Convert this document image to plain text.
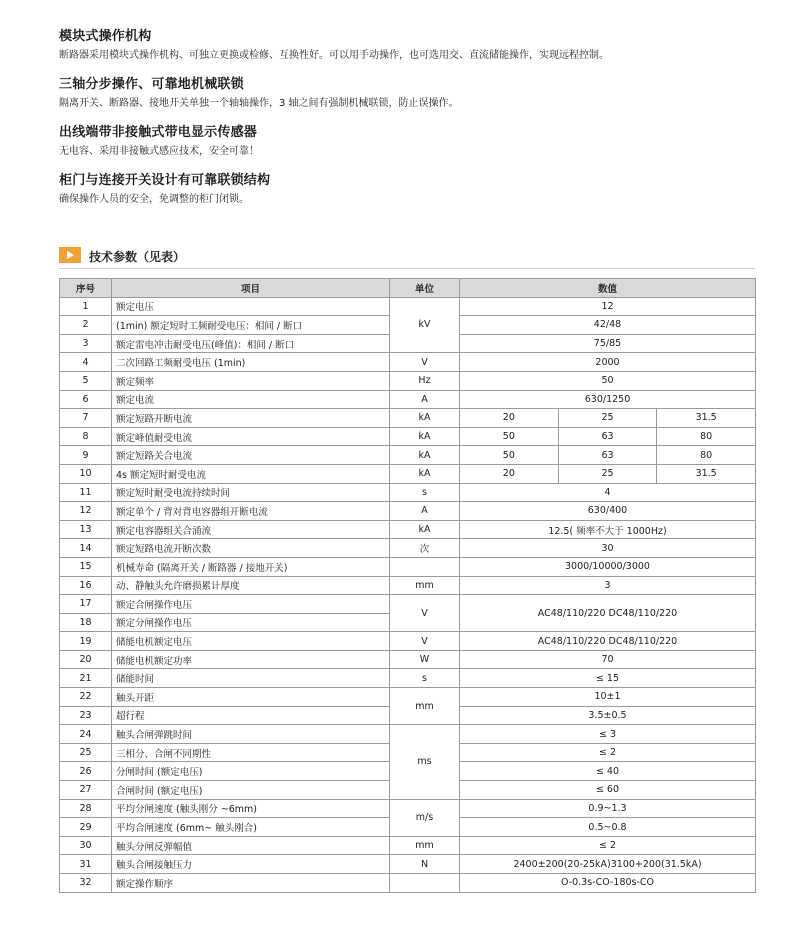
模块式操作机构
断路器采用模块式操作机构、可独立更换或检修、互换性好。可以用手动操作，也可选用交、直流储能操作，实现远程控制。
三轴分步操作、可靠地机械联锁
隔离开关、断路器、接地开关单独一个轴轴操作，3 轴之间有强制机械联锁，防止误操作。
出线端带非接触式带电显示传感器
无电容、采用非接触式感应技术，安全可靠！
柜门与连接开关设计有可靠联锁结构
确保操作人员的安全，免调整的柜门闭锁。
技术参数（见表）
序号	项目	单位	数值		
1	额定电压	kV	12		
2	(1min) 额定短时工频耐受电压：相间 / 断口		42/48		
3	额定雷电冲击耐受电压(峰值)：相间 / 断口		75/85		
4	二次回路工频耐受电压 (1min)	V	2000		
5	额定频率	Hz	50		
6	额定电流	A	630/1250		
7	额定短路开断电流	kA	20	25	31.5
8	额定峰值耐受电流	kA	50	63	80
9	额定短路关合电流	kA	50	63	80
10	4s 额定短时耐受电流	kA	20	25	31.5
11	额定短时耐受电流持续时间	s	4		
12	额定单个 / 背对背电容器组开断电流	A	630/400		
13	额定电容器组关合涌流	kA	12.5( 频率不大于 1000Hz)		
14	额定短路电流开断次数	次	30		
15	机械寿命 (隔离开关 / 断路器 / 接地开关)		3000/10000/3000		
16	动、静触头允许磨损累计厚度	mm	3		
17	额定合闸操作电压	V	AC48/110/220 DC48/110/220		
18	额定分闸操作电压				
19	储能电机额定电压	V	AC48/110/220 DC48/110/220		
20	储能电机额定功率	W	70		
21	储能时间	s	≤ 15		
22	触头开距	mm	10±1		
23	超行程		3.5±0.5		
24	触头合闸弹跳时间	ms	≤ 3		
25	三相分、合闸不同期性		≤ 2		
26	分闸时间 (额定电压)		≤ 40		
27	合闸时间 (额定电压)		≤ 60		
28	平均分闸速度 (触头刚分 ~6mm)	m/s	0.9~1.3		
29	平均合闸速度 (6mm~ 触头刚合)		0.5~0.8		
30	触头分闸反弹幅值	mm	≤ 2		
31	触头合闸接触压力	N	2400±200(20-25kA)3100+200(31.5kA)		
32	额定操作顺序		O-0.3s-CO-180s-CO		
